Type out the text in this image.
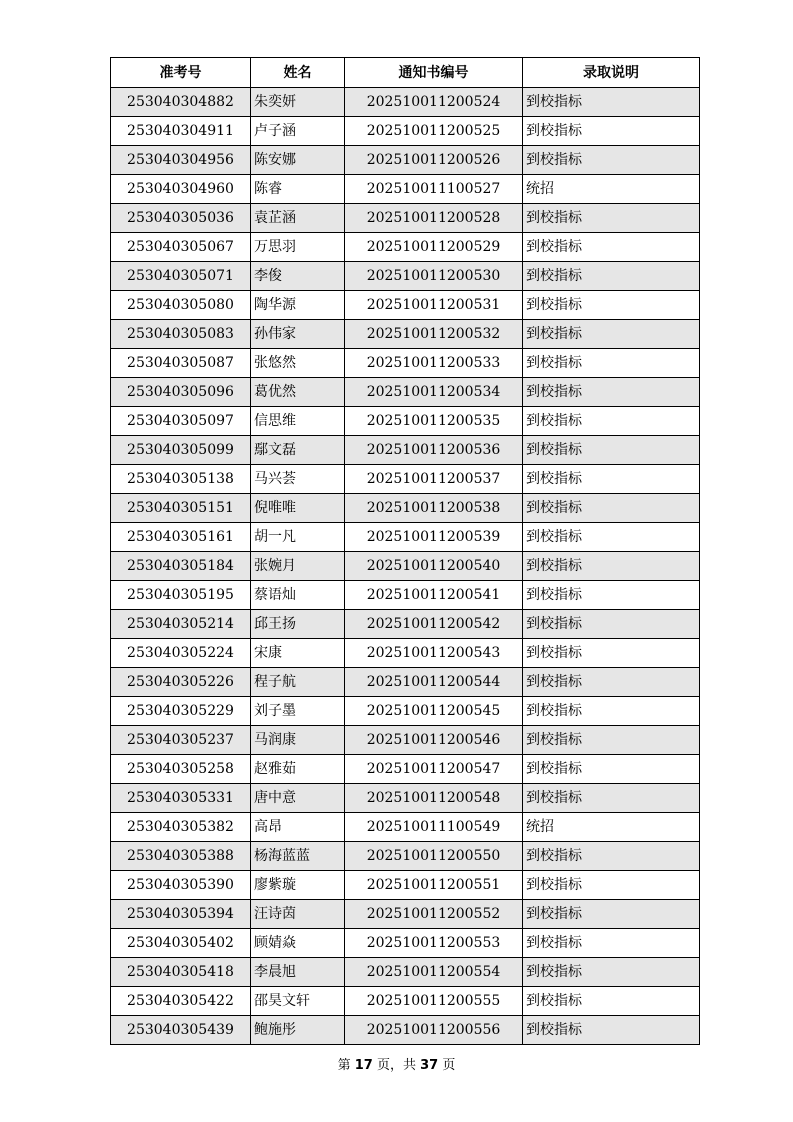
准考号	姓名	通知书编号	录取说明
253040304882	朱奕妍	202510011200524	到校指标
253040304911	卢子涵	202510011200525	到校指标
253040304956	陈安娜	202510011200526	到校指标
253040304960	陈睿	202510011100527	统招
253040305036	袁芷涵	202510011200528	到校指标
253040305067	万思羽	202510011200529	到校指标
253040305071	李俊	202510011200530	到校指标
253040305080	陶华源	202510011200531	到校指标
253040305083	孙伟家	202510011200532	到校指标
253040305087	张悠然	202510011200533	到校指标
253040305096	葛优然	202510011200534	到校指标
253040305097	信思维	202510011200535	到校指标
253040305099	鄢文磊	202510011200536	到校指标
253040305138	马兴荟	202510011200537	到校指标
253040305151	倪唯唯	202510011200538	到校指标
253040305161	胡一凡	202510011200539	到校指标
253040305184	张婉月	202510011200540	到校指标
253040305195	蔡语灿	202510011200541	到校指标
253040305214	邱王扬	202510011200542	到校指标
253040305224	宋康	202510011200543	到校指标
253040305226	程子航	202510011200544	到校指标
253040305229	刘子墨	202510011200545	到校指标
253040305237	马润康	202510011200546	到校指标
253040305258	赵雅茹	202510011200547	到校指标
253040305331	唐中意	202510011200548	到校指标
253040305382	高昂	202510011100549	统招
253040305388	杨海蓝蓝	202510011200550	到校指标
253040305390	廖紫璇	202510011200551	到校指标
253040305394	汪诗茵	202510011200552	到校指标
253040305402	顾婧焱	202510011200553	到校指标
253040305418	李晨旭	202510011200554	到校指标
253040305422	邵昊文轩	202510011200555	到校指标
253040305439	鲍施彤	202510011200556	到校指标
第 17 页，共 37 页
